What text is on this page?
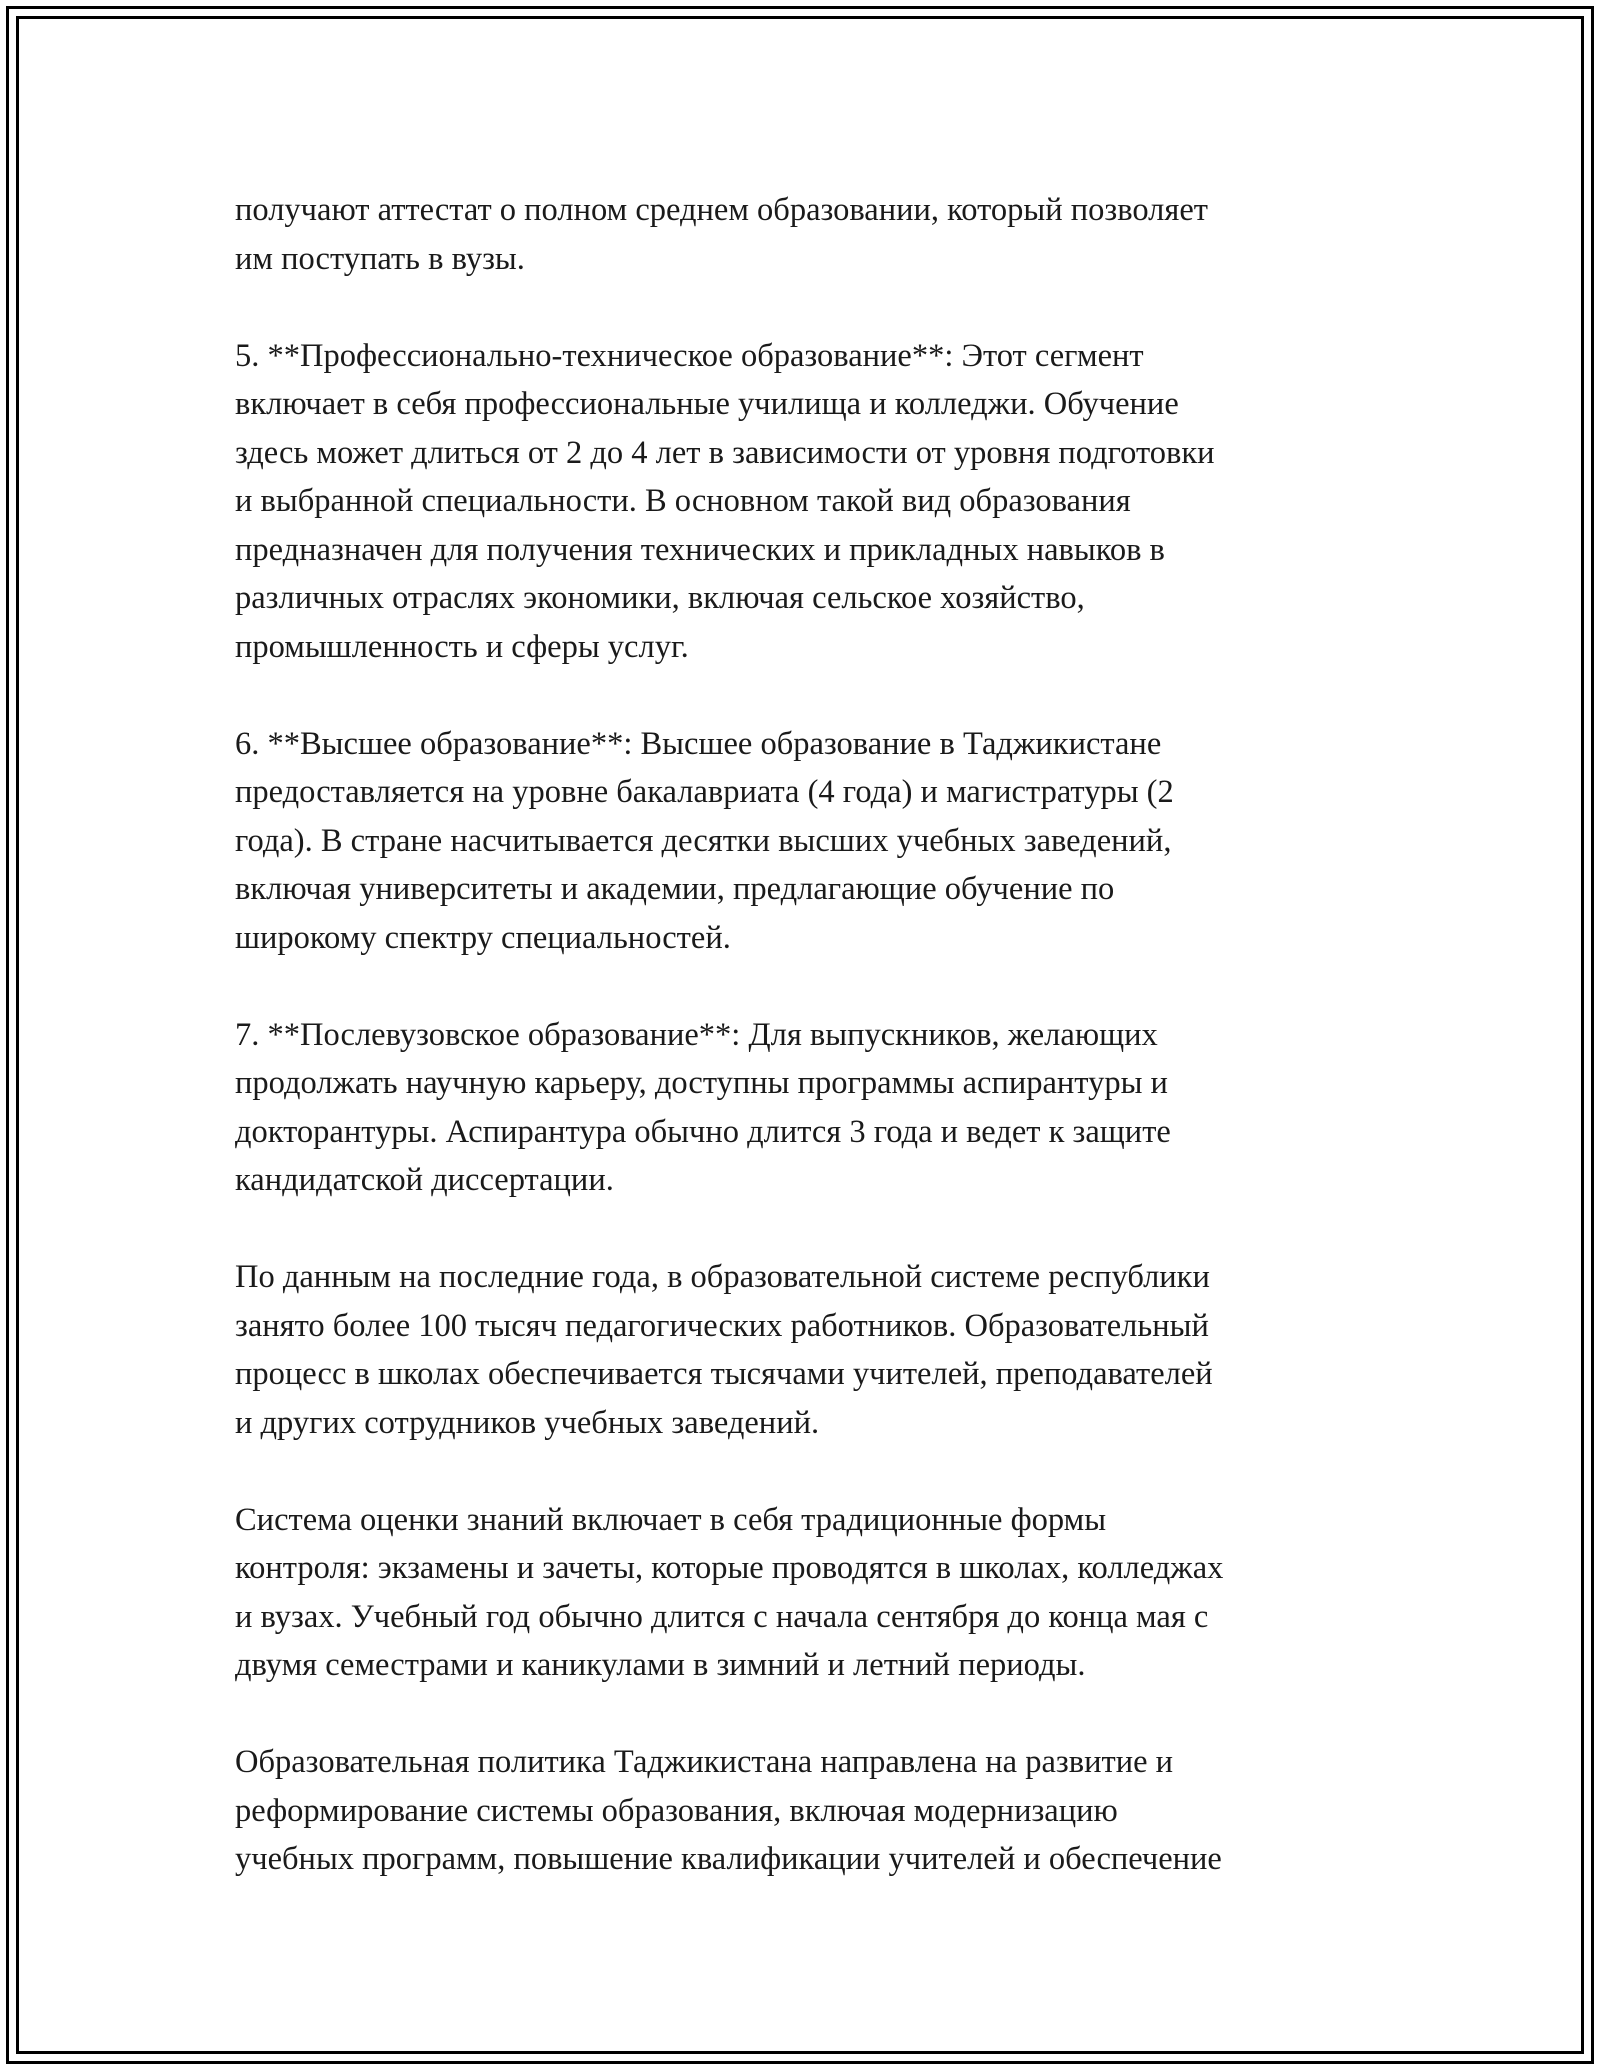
получают аттестат о полном среднем образовании, который позволяет
им поступать в вузы.

5. **Профессионально-техническое образование**: Этот сегмент
включает в себя профессиональные училища и колледжи. Обучение
здесь может длиться от 2 до 4 лет в зависимости от уровня подготовки
и выбранной специальности. В основном такой вид образования
предназначен для получения технических и прикладных навыков в
различных отраслях экономики, включая сельское хозяйство,
промышленность и сферы услуг.

6. **Высшее образование**: Высшее образование в Таджикистане
предоставляется на уровне бакалавриата (4 года) и магистратуры (2
года). В стране насчитывается десятки высших учебных заведений,
включая университеты и академии, предлагающие обучение по
широкому спектру специальностей.

7. **Послевузовское образование**: Для выпускников, желающих
продолжать научную карьеру, доступны программы аспирантуры и
докторантуры. Аспирантура обычно длится 3 года и ведет к защите
кандидатской диссертации.

По данным на последние года, в образовательной системе республики
занято более 100 тысяч педагогических работников. Образовательный
процесс в школах обеспечивается тысячами учителей, преподавателей
и других сотрудников учебных заведений.

Система оценки знаний включает в себя традиционные формы
контроля: экзамены и зачеты, которые проводятся в школах, колледжах
и вузах. Учебный год обычно длится с начала сентября до конца мая с
двумя семестрами и каникулами в зимний и летний периоды.

Образовательная политика Таджикистана направлена на развитие и
реформирование системы образования, включая модернизацию
учебных программ, повышение квалификации учителей и обеспечение
